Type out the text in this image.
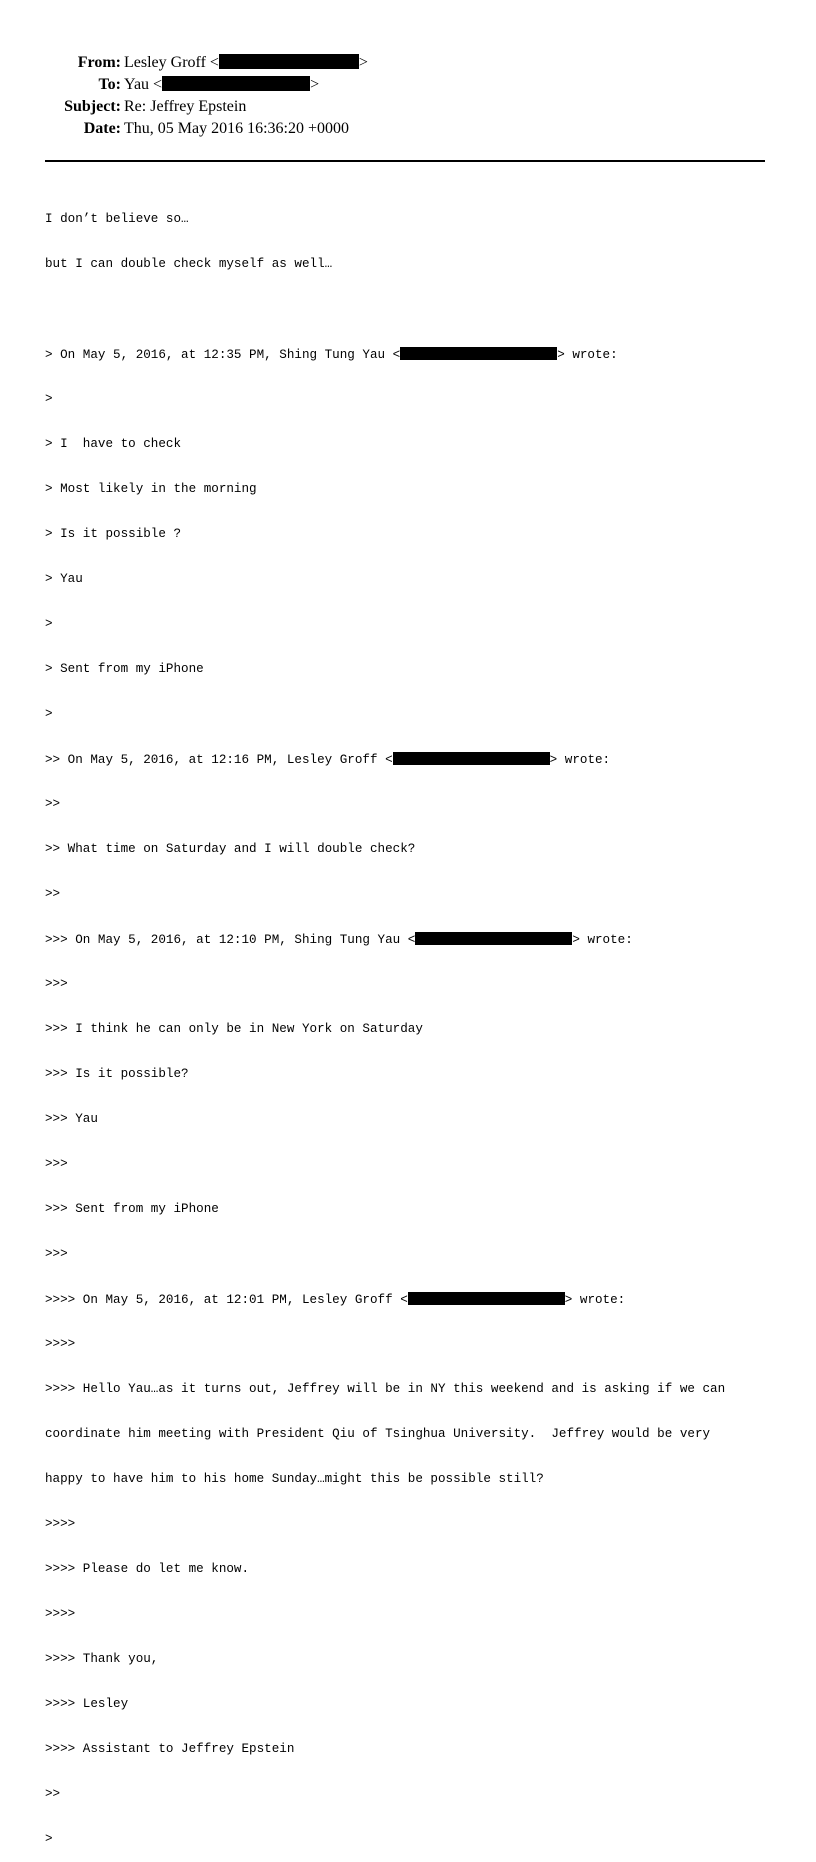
From: Lesley Groff <	>
To: Yau <	>
Subject: Re: Jeffrey Epstein
Date: Thu, 05 May 2016 16:36:20 +0000

I don’t believe so…

but I can double check myself as well…

> On May 5, 2016, at 12:35 PM, Shing Tung Yau <	> wrote:

>

> I  have to check

> Most likely in the morning

> Is it possible ?

> Yau

>

> Sent from my iPhone

>

>> On May 5, 2016, at 12:16 PM, Lesley Groff <	> wrote:

>>

>> What time on Saturday and I will double check?

>>

>>> On May 5, 2016, at 12:10 PM, Shing Tung Yau <	> wrote:

>>>

>>> I think he can only be in New York on Saturday

>>> Is it possible?

>>> Yau

>>>

>>> Sent from my iPhone

>>>

>>>> On May 5, 2016, at 12:01 PM, Lesley Groff <	> wrote:

>>>>

>>>> Hello Yau…as it turns out, Jeffrey will be in NY this weekend and is asking if we can

coordinate him meeting with President Qiu of Tsinghua University.  Jeffrey would be very

happy to have him to his home Sunday…might this be possible still?

>>>>

>>>> Please do let me know.

>>>>

>>>> Thank you,

>>>> Lesley

>>>> Assistant to Jeffrey Epstein

>>

>
